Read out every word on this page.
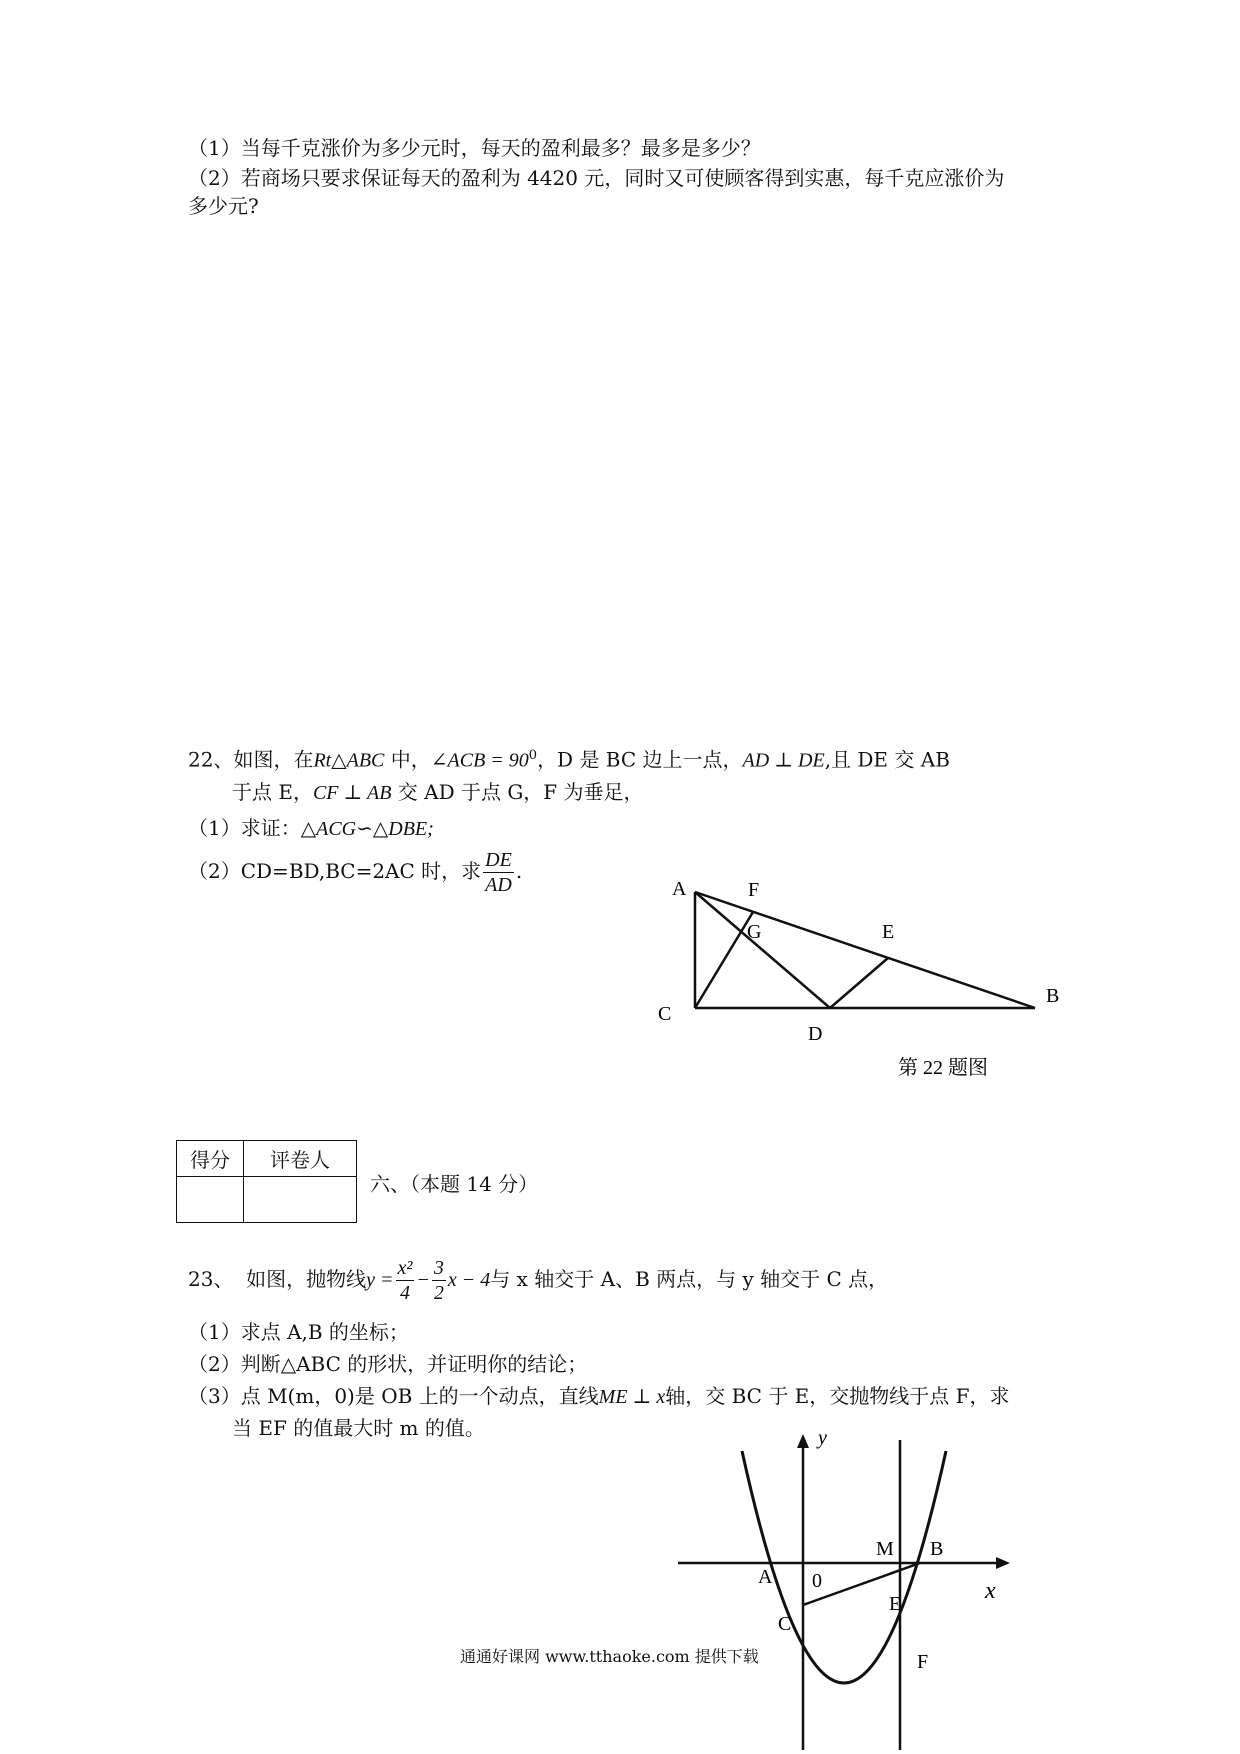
（1）当每千克涨价为多少元时，每天的盈利最多？最多是多少？
（2）若商场只要求保证每天的盈利为 4420 元，同时又可使顾客得到实惠，每千克应涨价为
多少元?
22、如图，在Rt△ABC 中，∠ACB = $90^0$，D 是 BC 边上一点，AD ⊥ DE,且 DE 交 AB
于点 E，CF ⊥ AB 交 AD 于点 G，F 为垂足，
（1）求证：△ACG∽△DBE;
（2）CD=BD,BC=2AC 时，求 $\frac{DE}{AD}$ .
A	F
G	E
B
C
D
第 22 题图
得分	评卷人

六、（本题 14 分）
23、 如图，抛物线$y = \frac{\text{x²}}{4} - \frac{3}{2}$ x − 4与 x 轴交于 A、B 两点，与 y 轴交于 C 点，
（1）求点 A,B 的坐标；
（2）判断△ABC 的形状，并证明你的结论；
（3）点 M(m，0)是 OB 上的一个动点，直线ME ⊥ x轴，交 BC 于 E，交抛物线于点 F，求
当 EF 的值最大时 m 的值。	y
x
M B
A 0
E
C
F
通通好课网 www.tthaoke.com 提供下载
